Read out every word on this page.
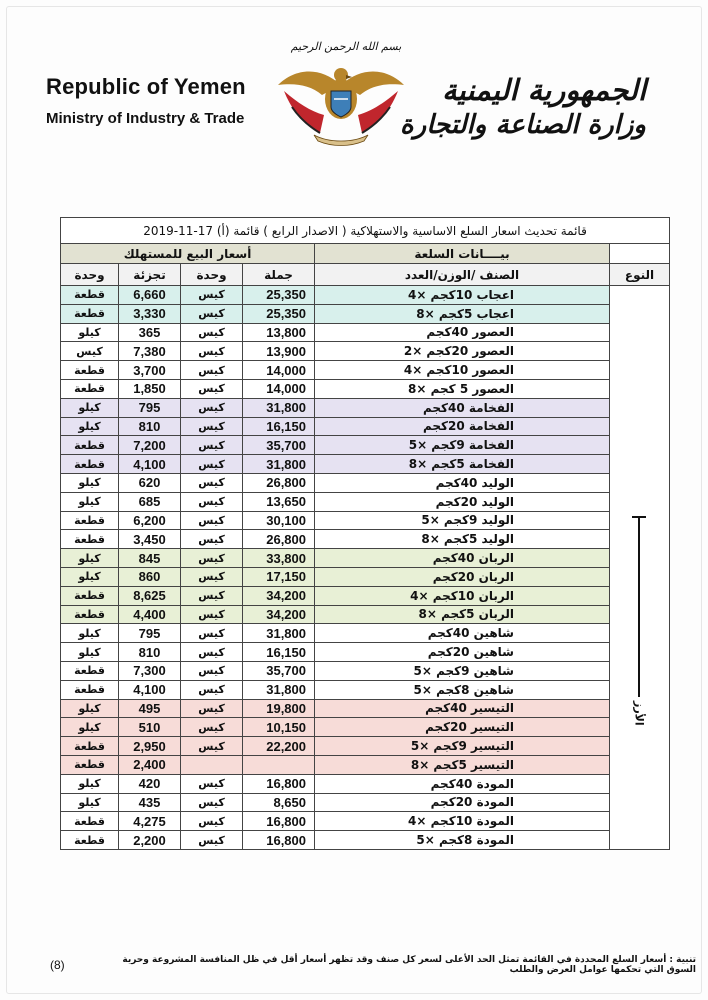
Republic of Yemen
Ministry of Industry & Trade
بسم الله الرحمن الرحيم
الجمهورية اليمنية
وزارة الصناعة والتجارة
قائمة تحديث اسعار السلع الاساسية والاستهلاكية ( الاصدار الرابع ) قائمة (أ) 17-11-2019					
أسعار البيع للمستهلك				بيــــانات السلعة	
وحدة	تجزئة	وحدة	جملة	الصنف /الوزن/العدد	النوع
قطعة	6,660	كيس	25,350	اعجاب 10كجم ×4	الأرز

قطعة	3,330	كيس	25,350	اعجاب 5كجم ×8	
كيلو	365	كيس	13,800	العصور 40كجم	
كيس	7,380	كيس	13,900	العصور 20كجم ×2	
قطعة	3,700	كيس	14,000	العصور 10كجم ×4	
قطعة	1,850	كيس	14,000	العصور 5 كجم ×8	
كيلو	795	كيس	31,800	الفخامة 40كجم	
كيلو	810	كيس	16,150	الفخامة 20كجم	
قطعة	7,200	كيس	35,700	الفخامة 9كجم ×5	
قطعة	4,100	كيس	31,800	الفخامة 5كجم ×8	
كيلو	620	كيس	26,800	الوليد 40كجم	
كيلو	685	كيس	13,650	الوليد 20كجم	
قطعة	6,200	كيس	30,100	الوليد 9كجم ×5	
قطعة	3,450	كيس	26,800	الوليد 5كجم ×8	
كيلو	845	كيس	33,800	الربان 40كجم	
كيلو	860	كيس	17,150	الربان 20كجم	
قطعة	8,625	كيس	34,200	الربان 10كجم ×4	
قطعة	4,400	كيس	34,200	الربان 5كجم ×8	
كيلو	795	كيس	31,800	شاهين 40كجم	
كيلو	810	كيس	16,150	شاهين 20كجم	
قطعة	7,300	كيس	35,700	شاهين 9كجم ×5	
قطعة	4,100	كيس	31,800	شاهين 8كجم ×5	
كيلو	495	كيس	19,800	التيسير 40كجم	
كيلو	510	كيس	10,150	التيسير 20كجم	
قطعة	2,950	كيس	22,200	التيسير 9كجم ×5	
قطعة	2,400			التيسير 5كجم ×8	
كيلو	420	كيس	16,800	المودة 40كجم	
كيلو	435	كيس	8,650	المودة 20كجم	
قطعة	4,275	كيس	16,800	المودة 10كجم ×4	
قطعة	2,200	كيس	16,800	المودة 8كجم ×5	
تنبية : أسعار السلع المحددة في القائمة تمثل الحد الأعلى لسعر كل صنف وقد تظهر أسعار أقل في ظل المنافسة المشروعة وحرية السوق التي تحكمها عوامل العرض والطلب
(8)
